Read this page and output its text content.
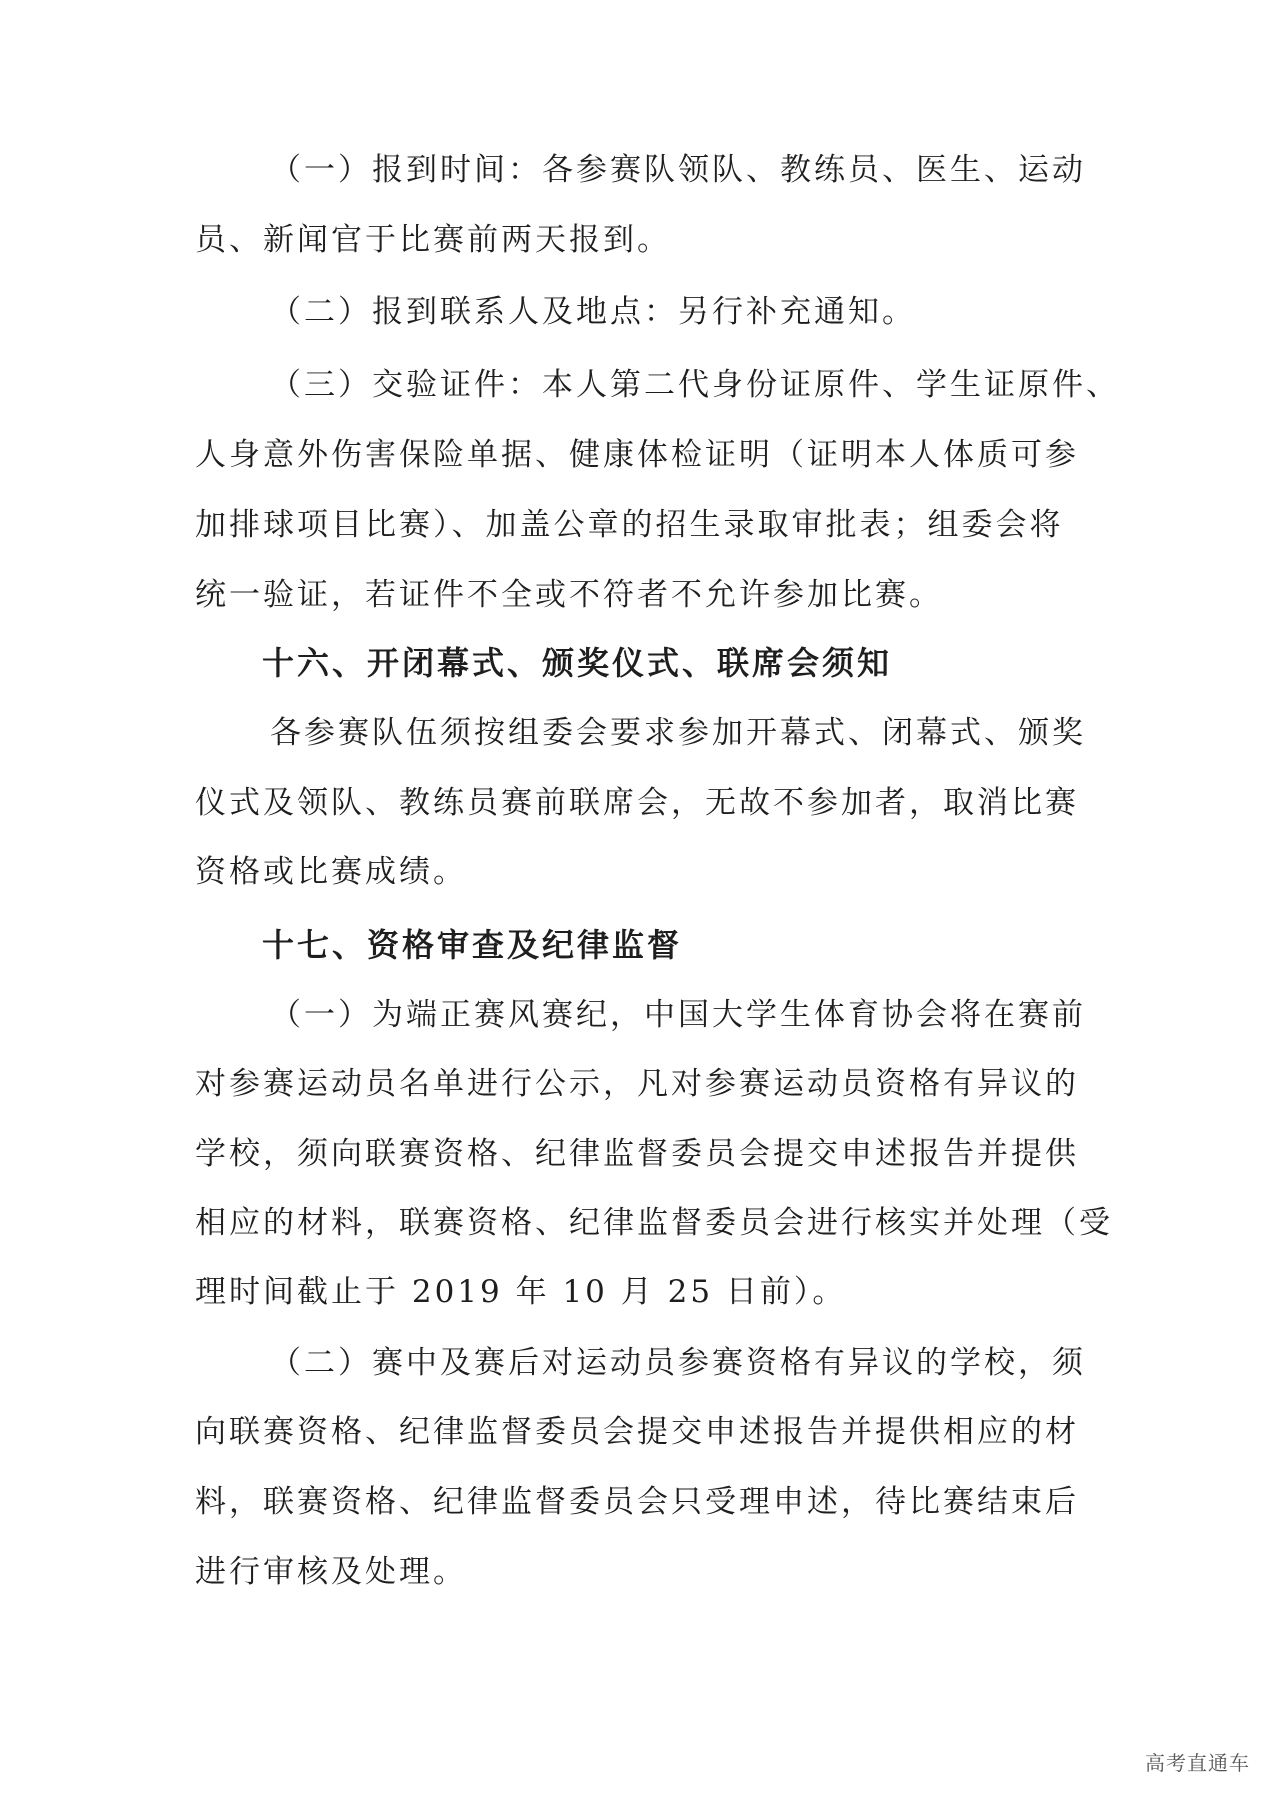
（一）报到时间：各参赛队领队、教练员、医生、运动
员、新闻官于比赛前两天报到。
（二）报到联系人及地点：另行补充通知。
（三）交验证件：本人第二代身份证原件、学生证原件、
人身意外伤害保险单据、健康体检证明（证明本人体质可参
加排球项目比赛）、加盖公章的招生录取审批表；组委会将
统一验证，若证件不全或不符者不允许参加比赛。
十六、开闭幕式、颁奖仪式、联席会须知
各参赛队伍须按组委会要求参加开幕式、闭幕式、颁奖
仪式及领队、教练员赛前联席会，无故不参加者，取消比赛
资格或比赛成绩。
十七、资格审查及纪律监督
（一）为端正赛风赛纪，中国大学生体育协会将在赛前
对参赛运动员名单进行公示，凡对参赛运动员资格有异议的
学校，须向联赛资格、纪律监督委员会提交申述报告并提供
相应的材料，联赛资格、纪律监督委员会进行核实并处理（受
理时间截止于 2019 年 10 月 25 日前）。
（二）赛中及赛后对运动员参赛资格有异议的学校，须
向联赛资格、纪律监督委员会提交申述报告并提供相应的材
料，联赛资格、纪律监督委员会只受理申述，待比赛结束后
进行审核及处理。
高考直通车
